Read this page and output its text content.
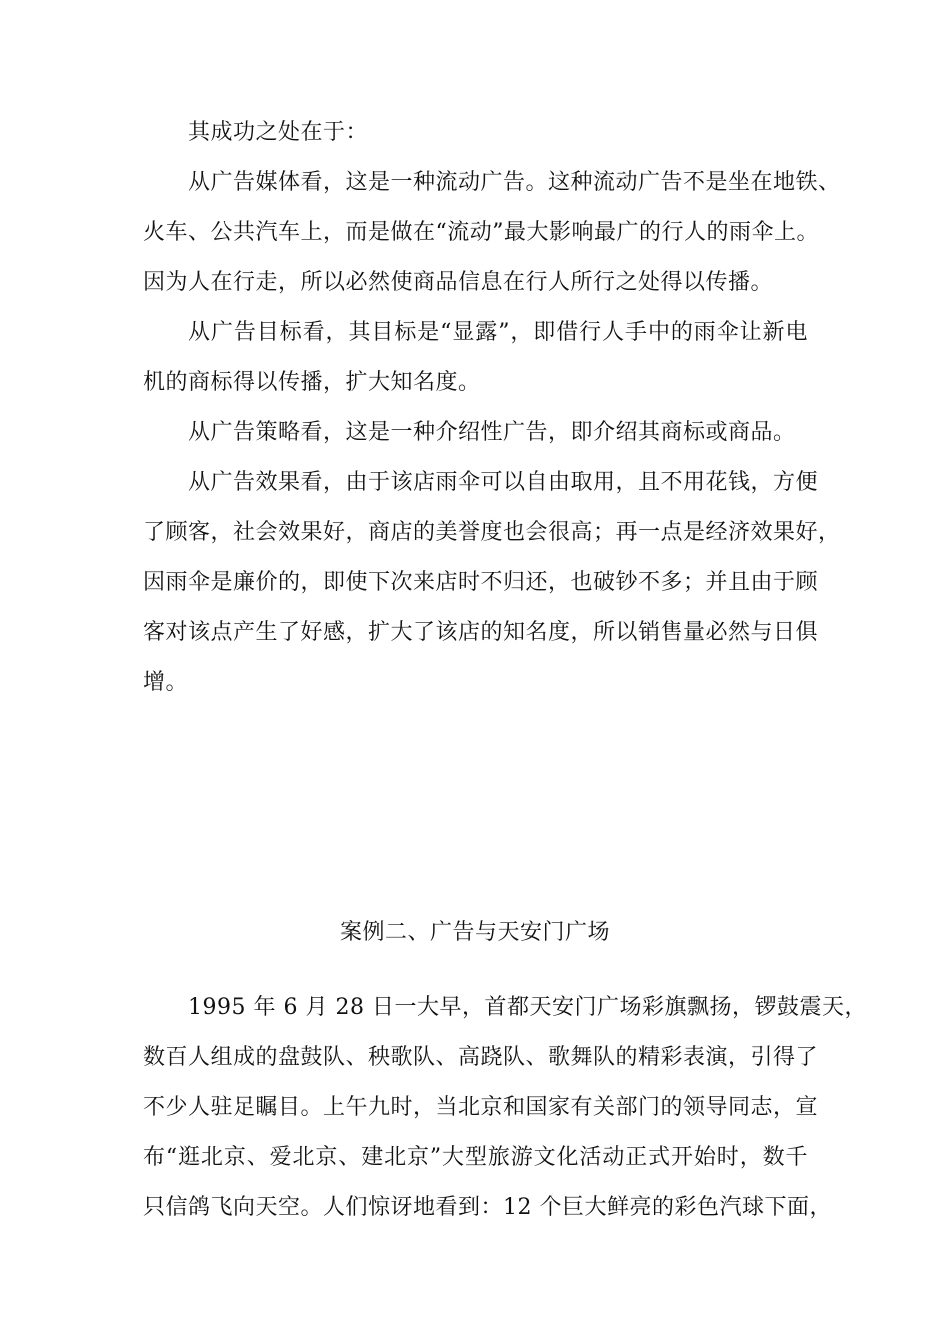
其成功之处在于：
从广告媒体看，这是一种流动广告。这种流动广告不是坐在地铁、
火车、公共汽车上，而是做在“流动”最大影响最广的行人的雨伞上。
因为人在行走，所以必然使商品信息在行人所行之处得以传播。
从广告目标看，其目标是“显露”，即借行人手中的雨伞让新电
机的商标得以传播，扩大知名度。
从广告策略看，这是一种介绍性广告，即介绍其商标或商品。
从广告效果看，由于该店雨伞可以自由取用，且不用花钱，方便
了顾客，社会效果好，商店的美誉度也会很高；再一点是经济效果好，
因雨伞是廉价的，即使下次来店时不归还，也破钞不多；并且由于顾
客对该点产生了好感，扩大了该店的知名度，所以销售量必然与日俱
增。
案例二、广告与天安门广场
1995 年 6 月 28 日一大早，首都天安门广场彩旗飘扬，锣鼓震天，
数百人组成的盘鼓队、秧歌队、高跷队、歌舞队的精彩表演，引得了
不少人驻足瞩目。上午九时，当北京和国家有关部门的领导同志，宣
布“逛北京、爱北京、建北京”大型旅游文化活动正式开始时，数千
只信鸽飞向天空。人们惊讶地看到：12 个巨大鲜亮的彩色汽球下面，
